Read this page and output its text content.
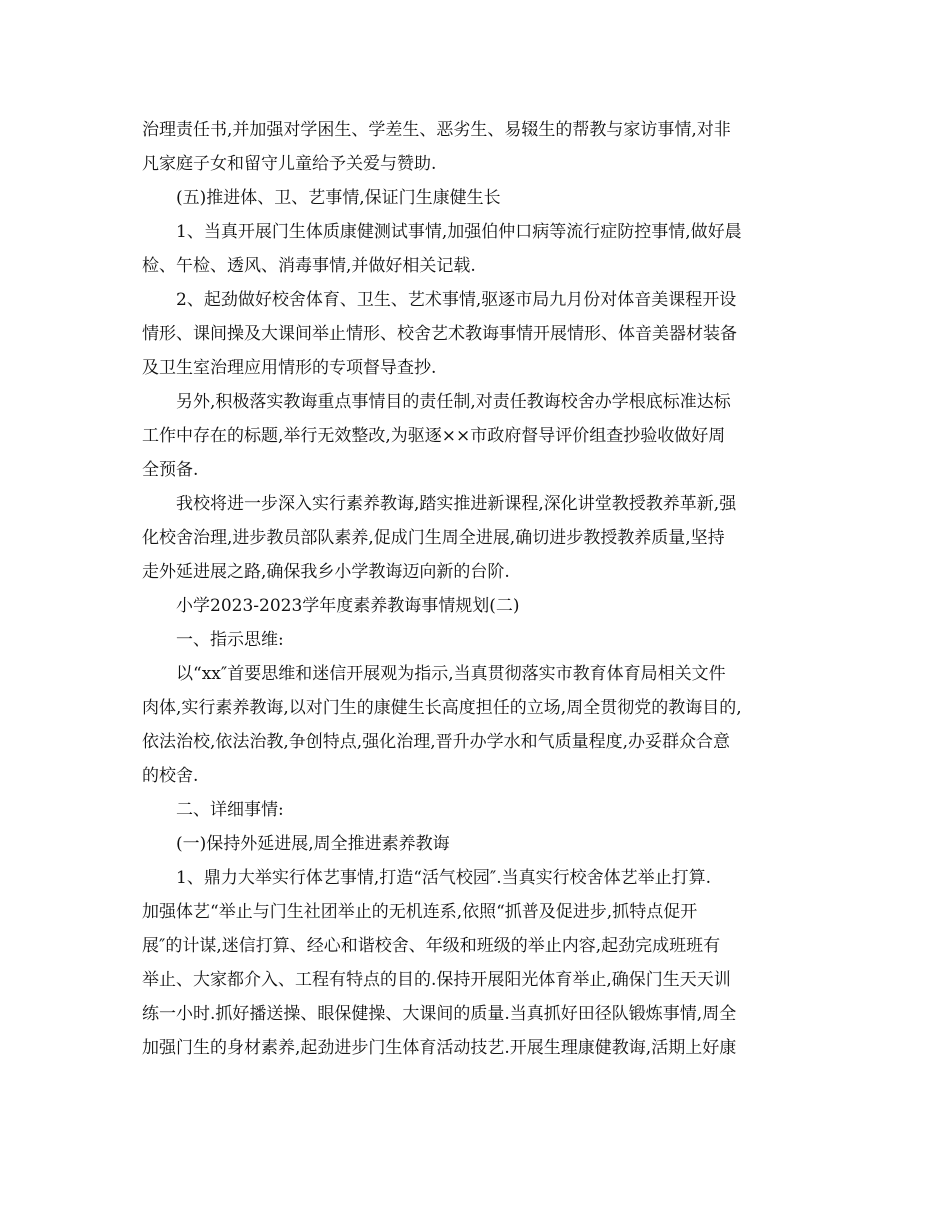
治理责任书,并加强对学困生、学差生、恶劣生、易辍生的帮教与家访事情,对非
凡家庭子女和留守儿童给予关爱与赞助.
(五)推进体、卫、艺事情,保证门生康健生长
1、当真开展门生体质康健测试事情,加强伯仲口病等流行症防控事情,做好晨
检、午检、透风、消毒事情,并做好相关记载.
2、起劲做好校舍体育、卫生、艺术事情,驱逐市局九月份对体音美课程开设
情形、课间操及大课间举止情形、校舍艺术教诲事情开展情形、体音美器材装备
及卫生室治理应用情形的专项督导查抄.
另外,积极落实教诲重点事情目的责任制,对责任教诲校舍办学根底标准达标
工作中存在的标题,举行无效整改,为驱逐××市政府督导评价组查抄验收做好周
全预备.
我校将进一步深入实行素养教诲,踏实推进新课程,深化讲堂教授教养革新,强
化校舍治理,进步教员部队素养,促成门生周全进展,确切进步教授教养质量,坚持
走外延进展之路,确保我乡小学教诲迈向新的台阶.
小学2023-2023学年度素养教诲事情规划(二)
一、指示思维:
以“xx″首要思维和迷信开展观为指示,当真贯彻落实市教育体育局相关文件
肉体,实行素养教诲,以对门生的康健生长高度担任的立场,周全贯彻党的教诲目的,
依法治校,依法治教,争创特点,强化治理,晋升办学水和气质量程度,办妥群众合意
的校舍.
二、详细事情:
(一)保持外延进展,周全推进素养教诲
1、鼎力大举实行体艺事情,打造“活气校园″.当真实行校舍体艺举止打算.
加强体艺“举止与门生社团举止的无机连系,依照“抓普及促进步,抓特点促开
展″的计谋,迷信打算、经心和谐校舍、年级和班级的举止内容,起劲完成班班有
举止、大家都介入、工程有特点的目的.保持开展阳光体育举止,确保门生天天训
练一小时.抓好播送操、眼保健操、大课间的质量.当真抓好田径队锻炼事情,周全
加强门生的身材素养,起劲进步门生体育活动技艺.开展生理康健教诲,活期上好康
